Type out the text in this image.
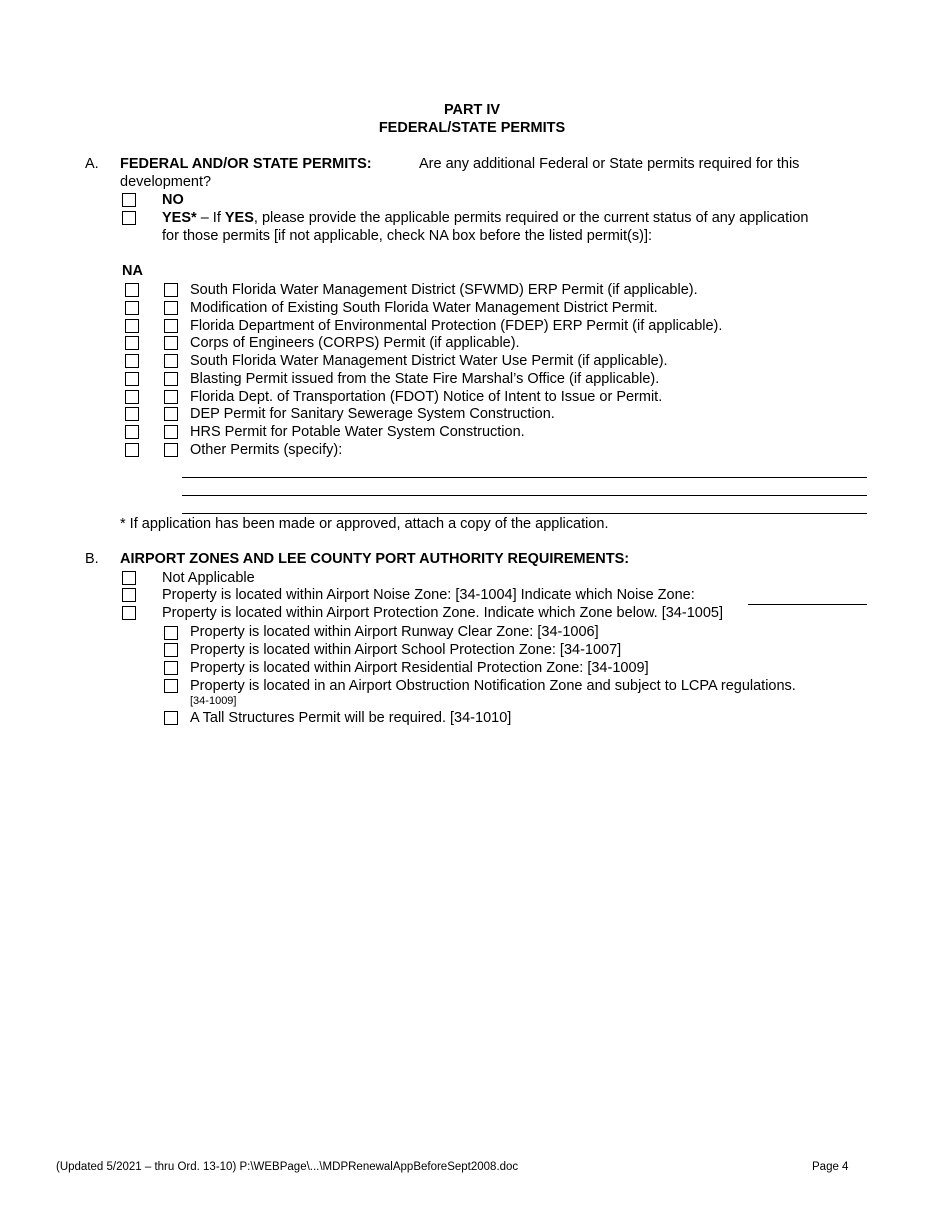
PART IV
FEDERAL/STATE PERMITS
A. FEDERAL AND/OR STATE PERMITS:	Are any additional Federal or State permits required for this
development?
NO
YES* – If YES, please provide the applicable permits required or the current status of any application
for those permits [if not applicable, check NA box before the listed permit(s)]:
NA
South Florida Water Management District (SFWMD) ERP Permit (if applicable).
Modification of Existing South Florida Water Management District Permit.
Florida Department of Environmental Protection (FDEP) ERP Permit (if applicable).
Corps of Engineers (CORPS) Permit (if applicable).
South Florida Water Management District Water Use Permit (if applicable).
Blasting Permit issued from the State Fire Marshal’s Office (if applicable).
Florida Dept. of Transportation (FDOT) Notice of Intent to Issue or Permit.
DEP Permit for Sanitary Sewerage System Construction.
HRS Permit for Potable Water System Construction.
Other Permits (specify):
* If application has been made or approved, attach a copy of the application.
B. AIRPORT ZONES AND LEE COUNTY PORT AUTHORITY REQUIREMENTS:
Not Applicable
Property is located within Airport Noise Zone: [34-1004] Indicate which Noise Zone:
Property is located within Airport Protection Zone. Indicate which Zone below. [34-1005]
Property is located within Airport Runway Clear Zone: [34-1006]
Property is located within Airport School Protection Zone: [34-1007]
Property is located within Airport Residential Protection Zone: [34-1009]
Property is located in an Airport Obstruction Notification Zone and subject to LCPA regulations.
[34-1009]
A Tall Structures Permit will be required. [34-1010]
(Updated 5/2021 – thru Ord. 13-10) P:\WEBPage\...\MDPRenewalAppBeforeSept2008.doc	Page 4
